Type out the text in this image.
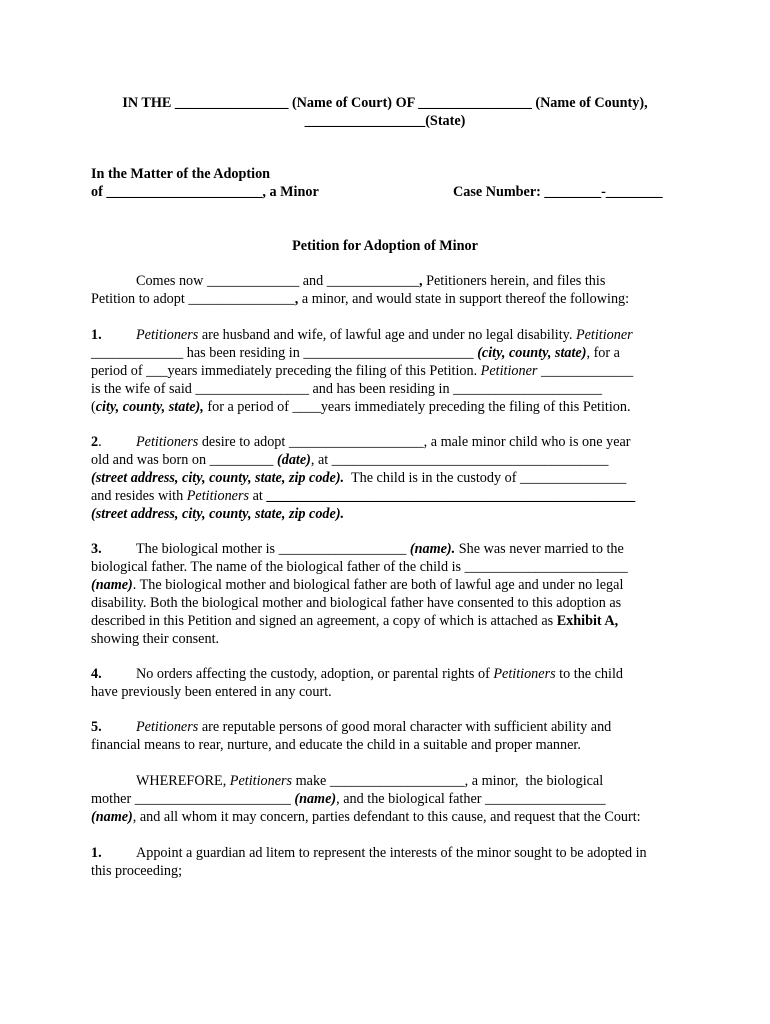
IN THE ________________ (Name of Court) OF ________________ (Name of County),
_________________(State)
In the Matter of the Adoption
of ______________________, a Minor	Case Number: ________-________
Petition for Adoption of Minor
Comes now _____________ and _____________, Petitioners herein, and files this
Petition to adopt _______________, a minor, and would state in support thereof the following:
1. Petitioners are husband and wife, of lawful age and under no legal disability. Petitioner
_____________ has been residing in ________________________ (city, county, state), for a
period of ___years immediately preceding the filing of this Petition. Petitioner _____________
is the wife of said ________________ and has been residing in _____________________
(city, county, state), for a period of ____years immediately preceding the filing of this Petition.
2. Petitioners desire to adopt ___________________, a male minor child who is one year
old and was born on _________ (date), at _______________________________________
(street address, city, county, state, zip code).  The child is in the custody of _______________
and resides with Petitioners at ____________________________________________________
(street address, city, county, state, zip code).
3. The biological mother is __________________ (name). She was never married to the
biological father. The name of the biological father of the child is _______________________
(name). The biological mother and biological father are both of lawful age and under no legal
disability. Both the biological mother and biological father have consented to this adoption as
described in this Petition and signed an agreement, a copy of which is attached as Exhibit A,
showing their consent.
4. No orders affecting the custody, adoption, or parental rights of Petitioners to the child
have previously been entered in any court.
5. Petitioners are reputable persons of good moral character with sufficient ability and
financial means to rear, nurture, and educate the child in a suitable and proper manner.
WHEREFORE, Petitioners make ___________________, a minor,  the biological
mother ______________________ (name), and the biological father _________________
(name), and all whom it may concern, parties defendant to this cause, and request that the Court:
1. Appoint a guardian ad litem to represent the interests of the minor sought to be adopted in
this proceeding;
